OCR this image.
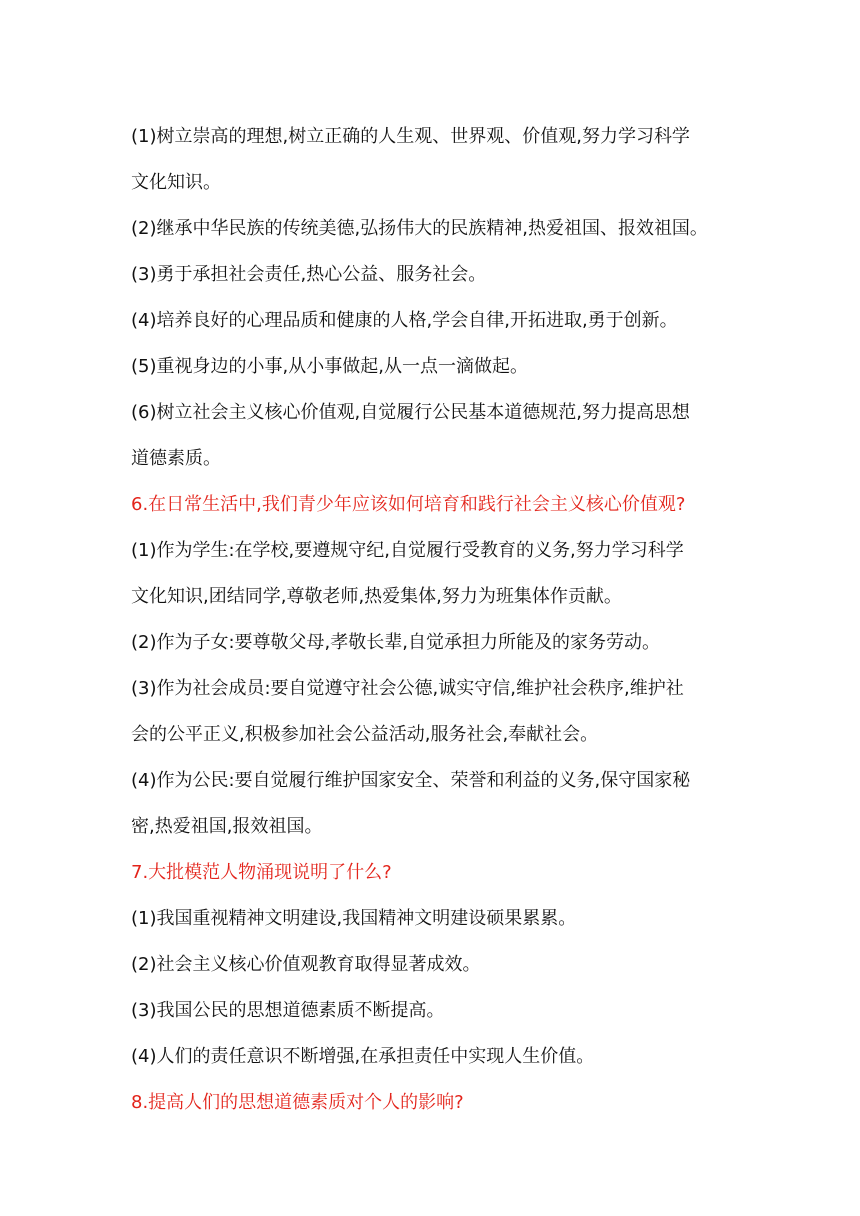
(1)树立崇高的理想,树立正确的人生观、世界观、价值观,努力学习科学

文化知识。

(2)继承中华民族的传统美德,弘扬伟大的民族精神,热爱祖国、报效祖国。

(3)勇于承担社会责任,热心公益、服务社会。

(4)培养良好的心理品质和健康的人格,学会自律,开拓进取,勇于创新。

(5)重视身边的小事,从小事做起,从一点一滴做起。

(6)树立社会主义核心价值观,自觉履行公民基本道德规范,努力提高思想

道德素质。

6.在日常生活中,我们青少年应该如何培育和践行社会主义核心价值观?

(1)作为学生:在学校,要遵规守纪,自觉履行受教育的义务,努力学习科学

文化知识,团结同学,尊敬老师,热爱集体,努力为班集体作贡献。

(2)作为子女:要尊敬父母,孝敬长辈,自觉承担力所能及的家务劳动。

(3)作为社会成员:要自觉遵守社会公德,诚实守信,维护社会秩序,维护社

会的公平正义,积极参加社会公益活动,服务社会,奉献社会。

(4)作为公民:要自觉履行维护国家安全、荣誉和利益的义务,保守国家秘

密,热爱祖国,报效祖国。

7.大批模范人物涌现说明了什么?

(1)我国重视精神文明建设,我国精神文明建设硕果累累。

(2)社会主义核心价值观教育取得显著成效。

(3)我国公民的思想道德素质不断提高。

(4)人们的责任意识不断增强,在承担责任中实现人生价值。

8.提高人们的思想道德素质对个人的影响?
